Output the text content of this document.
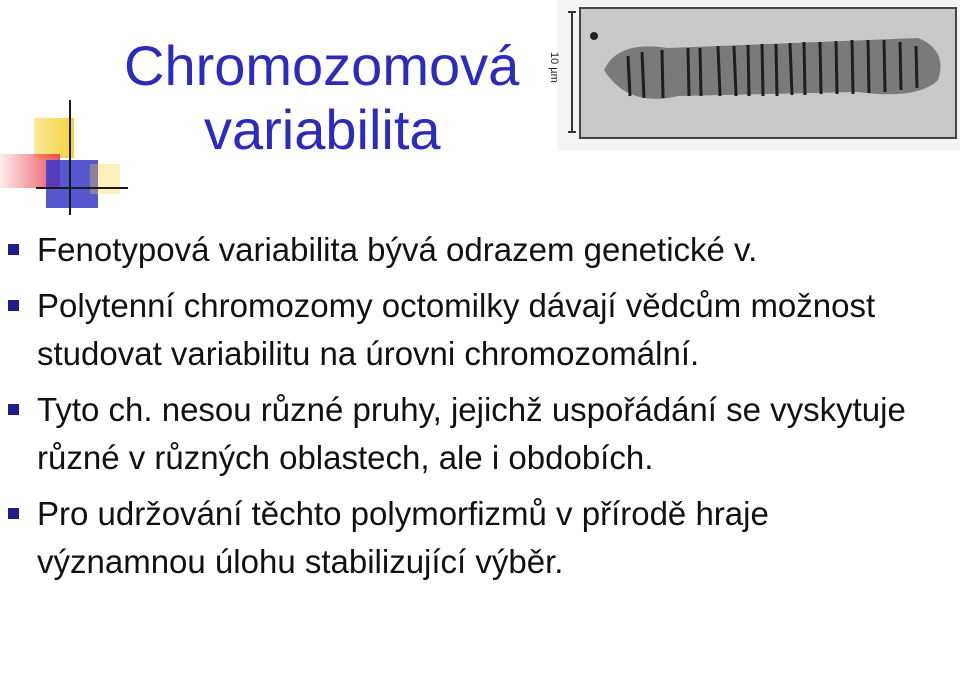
Chromozomová
variabilita
10 µm
Fenotypová variabilita bývá odrazem genetické v.
Polytenní chromozomy octomilky dávají vědcům možnost studovat variabilitu na úrovni chromozomální.
Tyto ch. nesou různé pruhy, jejichž uspořádání se vyskytuje různé v různých oblastech, ale i obdobích.
Pro udržování těchto polymorfizmů v přírodě hraje významnou úlohu stabilizující výběr.
